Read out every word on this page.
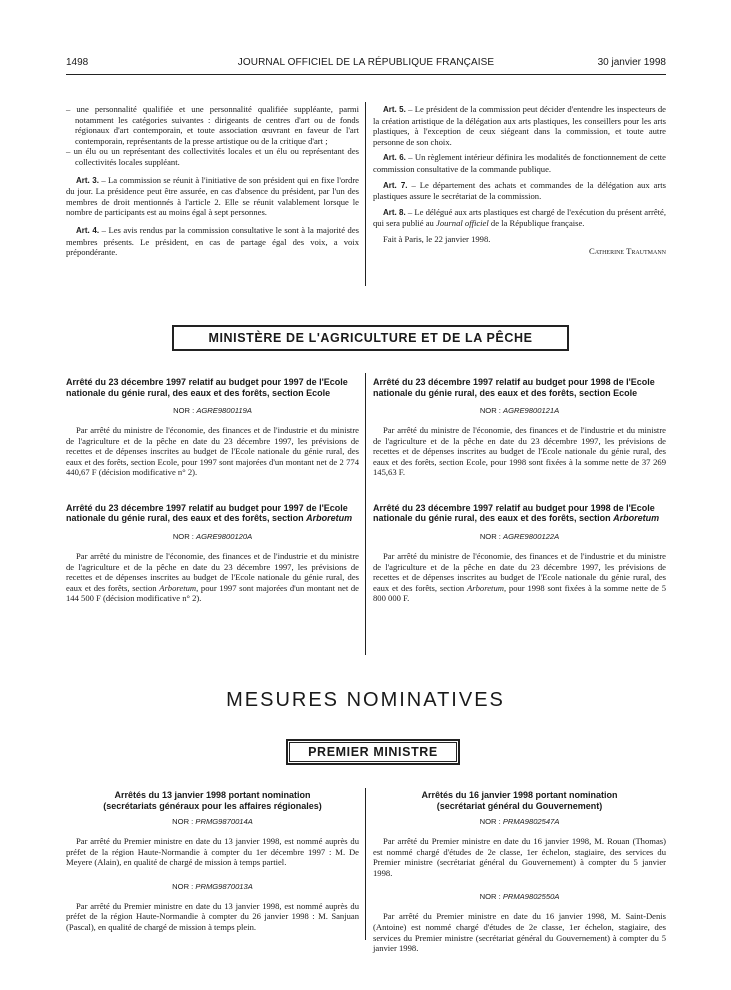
1498	JOURNAL OFFICIEL DE LA RÉPUBLIQUE FRANÇAISE	30 janvier 1998

– une personnalité qualifiée et une personnalité qualifiée suppléante, parmi notamment les catégories suivantes : dirigeants de centres d'art ou de fonds régionaux d'art contemporain, et toute association œuvrant en faveur de l'art contemporain, représentants de la presse artistique ou de la critique d'art ;

– un élu ou un représentant des collectivités locales et un élu ou représentant des collectivités locales suppléant.

Art. 3. – La commission se réunit à l'initiative de son président qui en fixe l'ordre du jour. La présidence peut être assurée, en cas d'absence du président, par l'un des membres de droit mentionnés à l'article 2. Elle se réunit valablement lorsque le nombre de participants est au moins égal à sept personnes.

Art. 4. – Les avis rendus par la commission consultative le sont à la majorité des membres présents. Le président, en cas de partage égal des voix, a voix prépondérante.

Art. 5. – Le président de la commission peut décider d'entendre les inspecteurs de la création artistique de la délégation aux arts plastiques, les conseillers pour les arts plastiques, à l'exception de ceux siégeant dans la commission, et toute autre personne de son choix.

Art. 6. – Un règlement intérieur définira les modalités de fonctionnement de cette commission consultative de la commande publique.

Art. 7. – Le département des achats et commandes de la délégation aux arts plastiques assure le secrétariat de la commission.

Art. 8. – Le délégué aux arts plastiques est chargé de l'exécution du présent arrêté, qui sera publié au Journal officiel de la République française.

Fait à Paris, le 22 janvier 1998.

Catherine Trautmann
MINISTÈRE DE L'AGRICULTURE ET DE LA PÊCHE

Arrêté du 23 décembre 1997 relatif au budget pour 1997 de l'Ecole nationale du génie rural, des eaux et des forêts, section Ecole

NOR : AGRE9800119A

Par arrêté du ministre de l'économie, des finances et de l'industrie et du ministre de l'agriculture et de la pêche en date du 23 décembre 1997, les prévisions de recettes et de dépenses inscrites au budget de l'Ecole nationale du génie rural, des eaux et des forêts, section Ecole, pour 1997 sont majorées d'un montant net de 2 774 440,67 F (décision modificative n° 2).

Arrêté du 23 décembre 1997 relatif au budget pour 1997 de l'Ecole nationale du génie rural, des eaux et des forêts, section Arboretum

NOR : AGRE9800120A

Par arrêté du ministre de l'économie, des finances et de l'industrie et du ministre de l'agriculture et de la pêche en date du 23 décembre 1997, les prévisions de recettes et de dépenses inscrites au budget de l'Ecole nationale du génie rural, des eaux et des forêts, section Arboretum, pour 1997 sont majorées d'un montant net de 144 500 F (décision modificative n° 2).

Arrêté du 23 décembre 1997 relatif au budget pour 1998 de l'Ecole nationale du génie rural, des eaux et des forêts, section Ecole

NOR : AGRE9800121A

Par arrêté du ministre de l'économie, des finances et de l'industrie et du ministre de l'agriculture et de la pêche en date du 23 décembre 1997, les prévisions de recettes et de dépenses inscrites au budget de l'Ecole nationale du génie rural, des eaux et des forêts, section Ecole, pour 1998 sont fixées à la somme nette de 37 269 145,63 F.

Arrêté du 23 décembre 1997 relatif au budget pour 1998 de l'Ecole nationale du génie rural, des eaux et des forêts, section Arboretum

NOR : AGRE9800122A

Par arrêté du ministre de l'économie, des finances et de l'industrie et du ministre de l'agriculture et de la pêche en date du 23 décembre 1997, les prévisions de recettes et de dépenses inscrites au budget de l'Ecole nationale du génie rural, des eaux et des forêts, section Arboretum, pour 1998 sont fixées à la somme nette de 5 800 000 F.

MESURES NOMINATIVES
PREMIER MINISTRE

Arrêtés du 13 janvier 1998 portant nomination

(secrétariats généraux pour les affaires régionales)

NOR : PRMG9870014A

Par arrêté du Premier ministre en date du 13 janvier 1998, est nommé auprès du préfet de la région Haute-Normandie à compter du 1er décembre 1997 : M. De Meyere (Alain), en qualité de chargé de mission à temps partiel.

NOR : PRMG9870013A

Par arrêté du Premier ministre en date du 13 janvier 1998, est nommé auprès du préfet de la région Haute-Normandie à compter du 26 janvier 1998 : M. Sanjuan (Pascal), en qualité de chargé de mission à temps plein.

Arrêtés du 16 janvier 1998 portant nomination

(secrétariat général du Gouvernement)

NOR : PRMA9802547A

Par arrêté du Premier ministre en date du 16 janvier 1998, M. Rouan (Thomas) est nommé chargé d'études de 2e classe, 1er échelon, stagiaire, des services du Premier ministre (secrétariat général du Gouvernement) à compter du 5 janvier 1998.

NOR : PRMA9802550A

Par arrêté du Premier ministre en date du 16 janvier 1998, M. Saint-Denis (Antoine) est nommé chargé d'études de 2e classe, 1er échelon, stagiaire, des services du Premier ministre (secrétariat général du Gouvernement) à compter du 5 janvier 1998.
